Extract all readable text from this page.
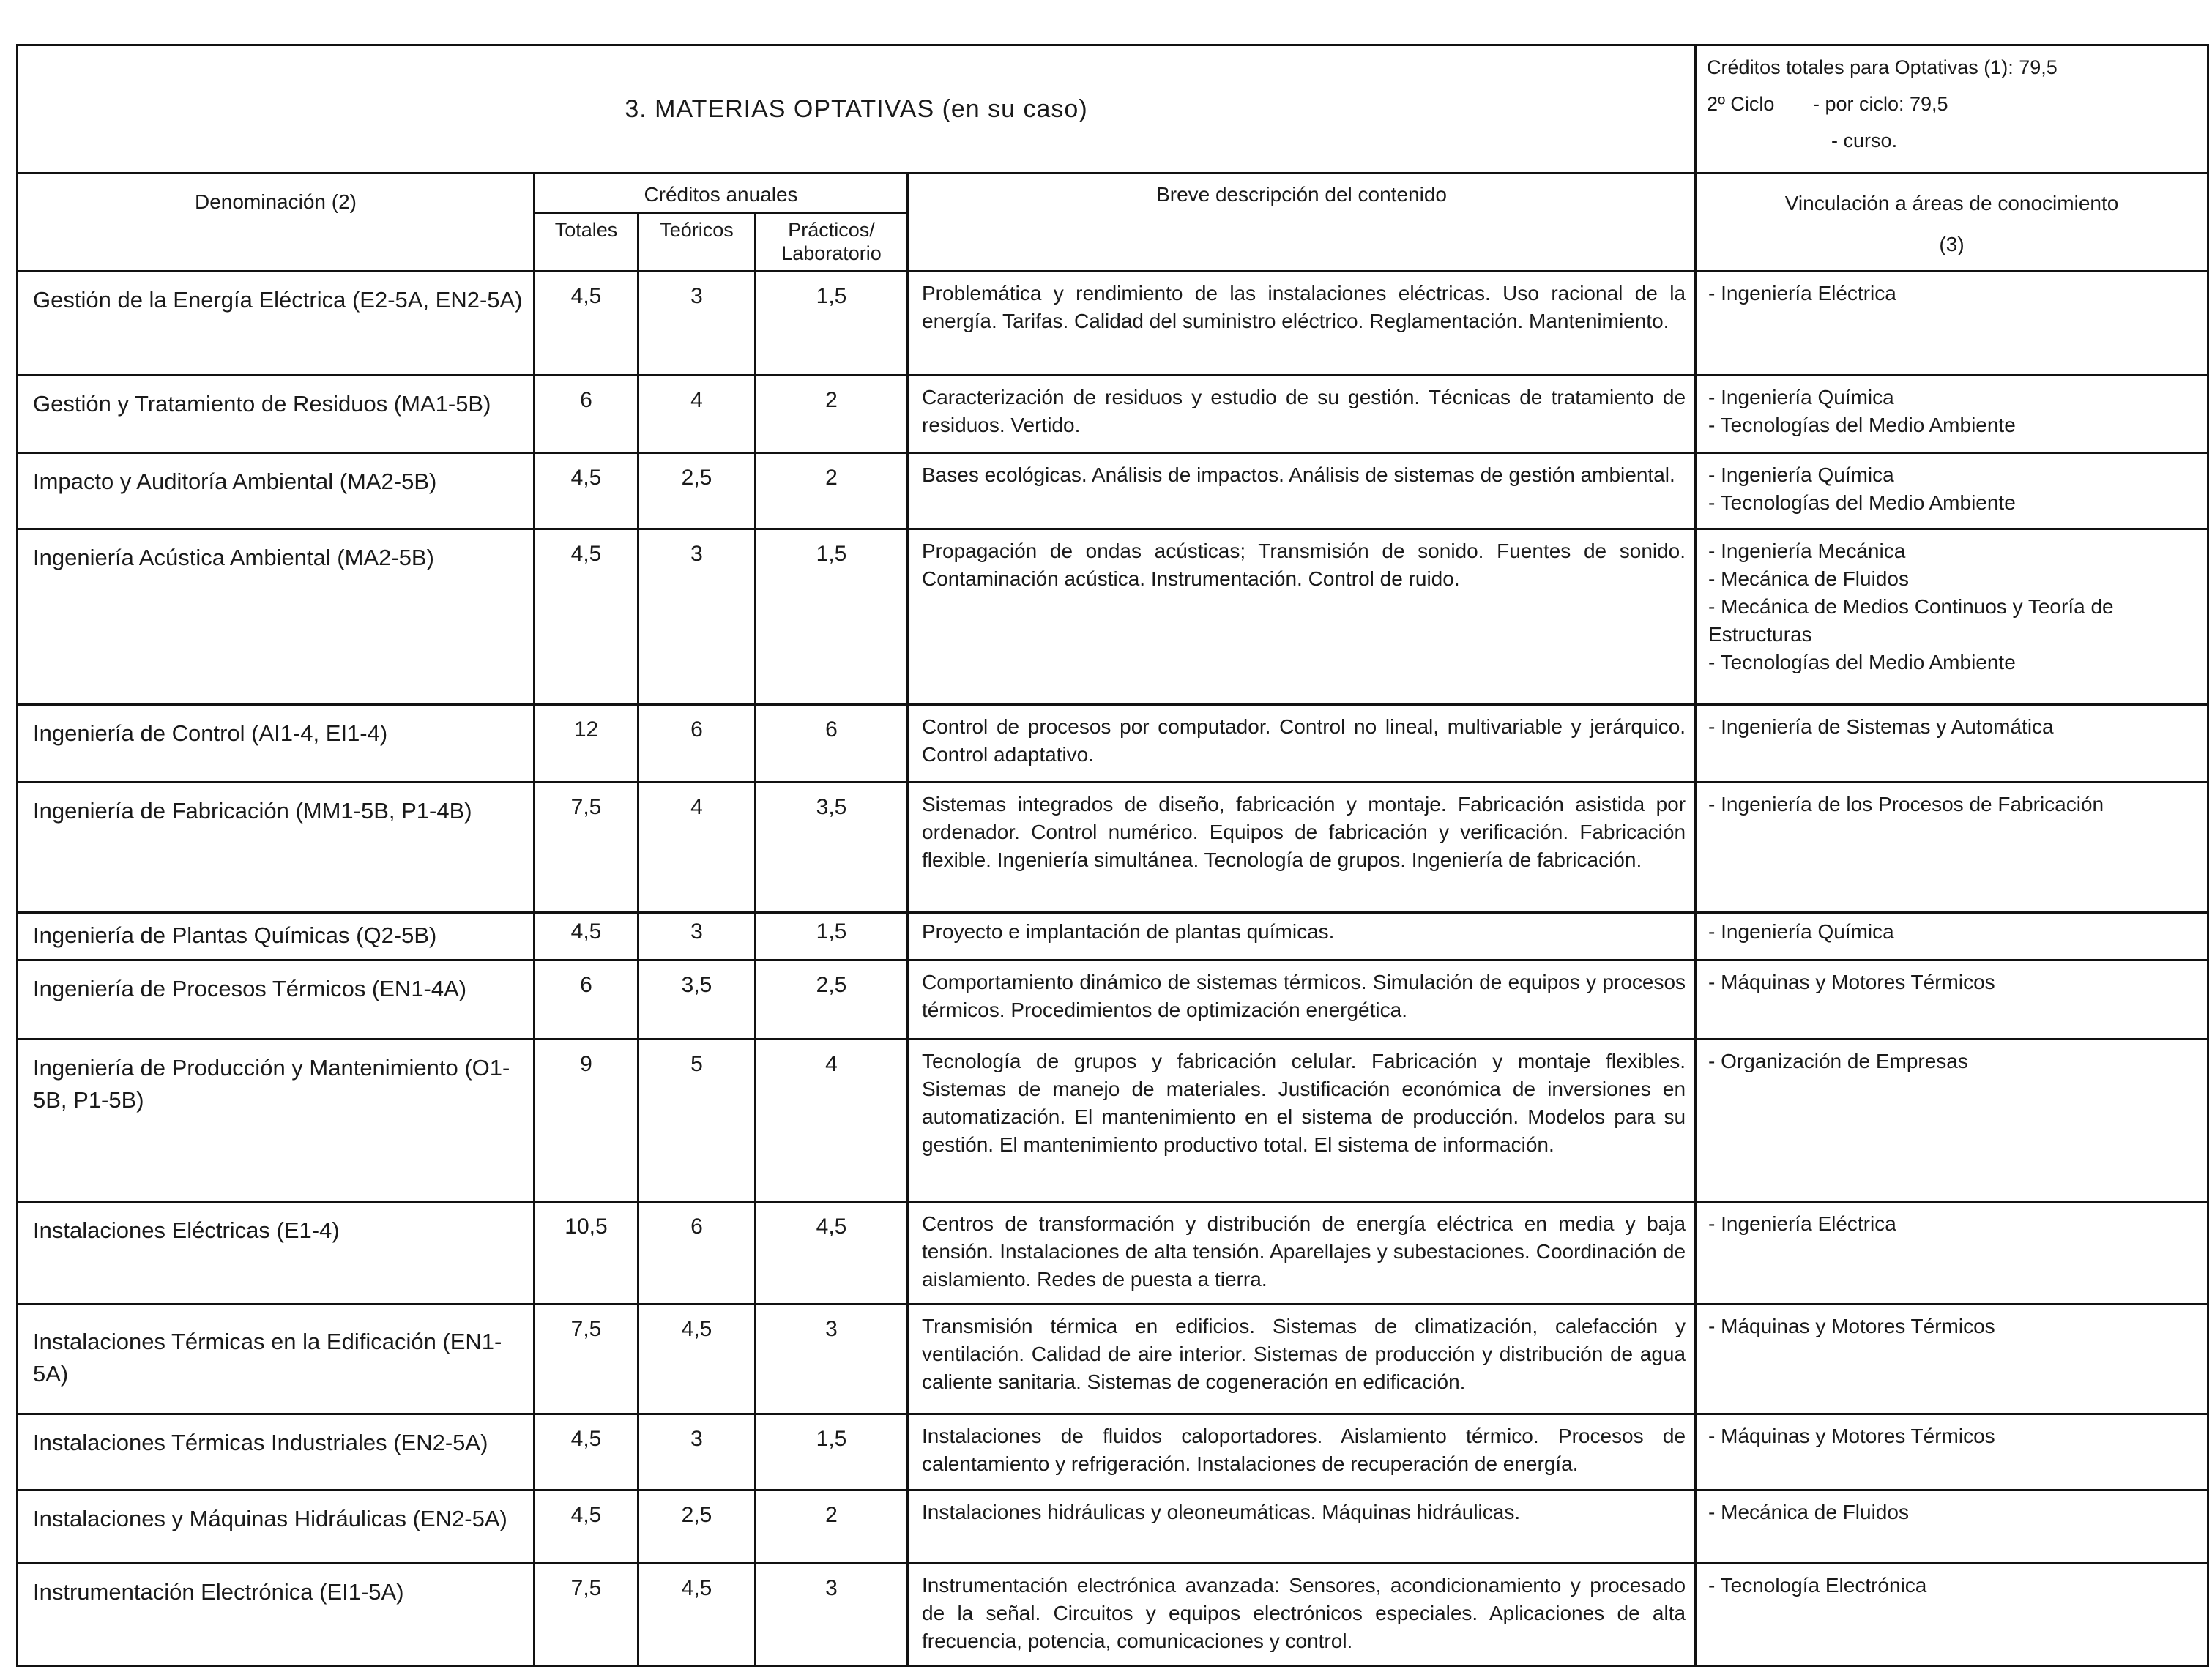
3. MATERIAS OPTATIVAS (en su caso)					Créditos totales para Optativas (1): 79,5
2º Ciclo - por ciclo: 79,5
- curso.

Denominación (2)	Créditos anuales			Breve descripción del contenido	Vinculación a áreas de conocimiento
(3)

	Totales	Teóricos	Prácticos/ Laboratorio		
Gestión de la Energía Eléctrica (E2-5A, EN2-5A)	4,5	3	1,5	Problemática y rendimiento de las instalaciones eléctricas. Uso racional de la energía. Tarifas. Calidad del suministro eléctrico. Reglamentación. Mantenimiento.	- Ingeniería Eléctrica

Gestión y Tratamiento de Residuos (MA1-5B)	6	4	2	Caracterización de residuos y estudio de su gestión. Técnicas de tratamiento de residuos. Vertido.	- Ingeniería Química
- Tecnologías del Medio Ambiente

Impacto y Auditoría Ambiental (MA2-5B)	4,5	2,5	2	Bases ecológicas. Análisis de impactos. Análisis de sistemas de gestión ambiental.	- Ingeniería Química
- Tecnologías del Medio Ambiente

Ingeniería Acústica Ambiental (MA2-5B)	4,5	3	1,5	Propagación de ondas acústicas; Transmisión de sonido. Fuentes de sonido. Contaminación acústica. Instrumentación. Control de ruido.	- Ingeniería Mecánica
- Mecánica de Fluidos
- Mecánica de Medios Continuos y Teoría de Estructuras
- Tecnologías del Medio Ambiente

Ingeniería de Control (AI1-4, EI1-4)	12	6	6	Control de procesos por computador. Control no lineal, multivariable y jerárquico. Control adaptativo.	- Ingeniería de Sistemas y Automática

Ingeniería de Fabricación (MM1-5B, P1-4B)	7,5	4	3,5	Sistemas integrados de diseño, fabricación y montaje. Fabricación asistida por ordenador. Control numérico. Equipos de fabricación y verificación. Fabricación flexible. Ingeniería simultánea. Tecnología de grupos. Ingeniería de fabricación.	- Ingeniería de los Procesos de Fabricación

Ingeniería de Plantas Químicas (Q2-5B)	4,5	3	1,5	Proyecto e implantación de plantas químicas.	- Ingeniería Química

Ingeniería de Procesos Térmicos (EN1-4A)	6	3,5	2,5	Comportamiento dinámico de sistemas térmicos. Simulación de equipos y procesos térmicos. Procedimientos de optimización energética.	- Máquinas y Motores Térmicos

Ingeniería de Producción y Mantenimiento (O1-5B, P1-5B)	9	5	4	Tecnología de grupos y fabricación celular. Fabricación y montaje flexibles. Sistemas de manejo de materiales. Justificación económica de inversiones en automatización. El mantenimiento en el sistema de producción. Modelos para su gestión. El mantenimiento productivo total. El sistema de información.	- Organización de Empresas

Instalaciones Eléctricas (E1-4)	10,5	6	4,5	Centros de transformación y distribución de energía eléctrica en media y baja tensión. Instalaciones de alta tensión. Aparellajes y subestaciones. Coordinación de aislamiento. Redes de puesta a tierra.	- Ingeniería Eléctrica

Instalaciones Térmicas en la Edificación (EN1-5A)	7,5	4,5	3	Transmisión térmica en edificios. Sistemas de climatización, calefacción y ventilación. Calidad de aire interior. Sistemas de producción y distribución de agua caliente sanitaria. Sistemas de cogeneración en edificación.	- Máquinas y Motores Térmicos

Instalaciones Térmicas Industriales (EN2-5A)	4,5	3	1,5	Instalaciones de fluidos caloportadores. Aislamiento térmico. Procesos de calentamiento y refrigeración. Instalaciones de recuperación de energía.	- Máquinas y Motores Térmicos

Instalaciones y Máquinas Hidráulicas (EN2-5A)	4,5	2,5	2	Instalaciones hidráulicas y oleoneumáticas. Máquinas hidráulicas.	- Mecánica de Fluidos

Instrumentación Electrónica (EI1-5A)	7,5	4,5	3	Instrumentación electrónica avanzada: Sensores, acondicionamiento y procesado de la señal. Circuitos y equipos electrónicos especiales. Aplicaciones de alta frecuencia, potencia, comunicaciones y control.	- Tecnología Electrónica
